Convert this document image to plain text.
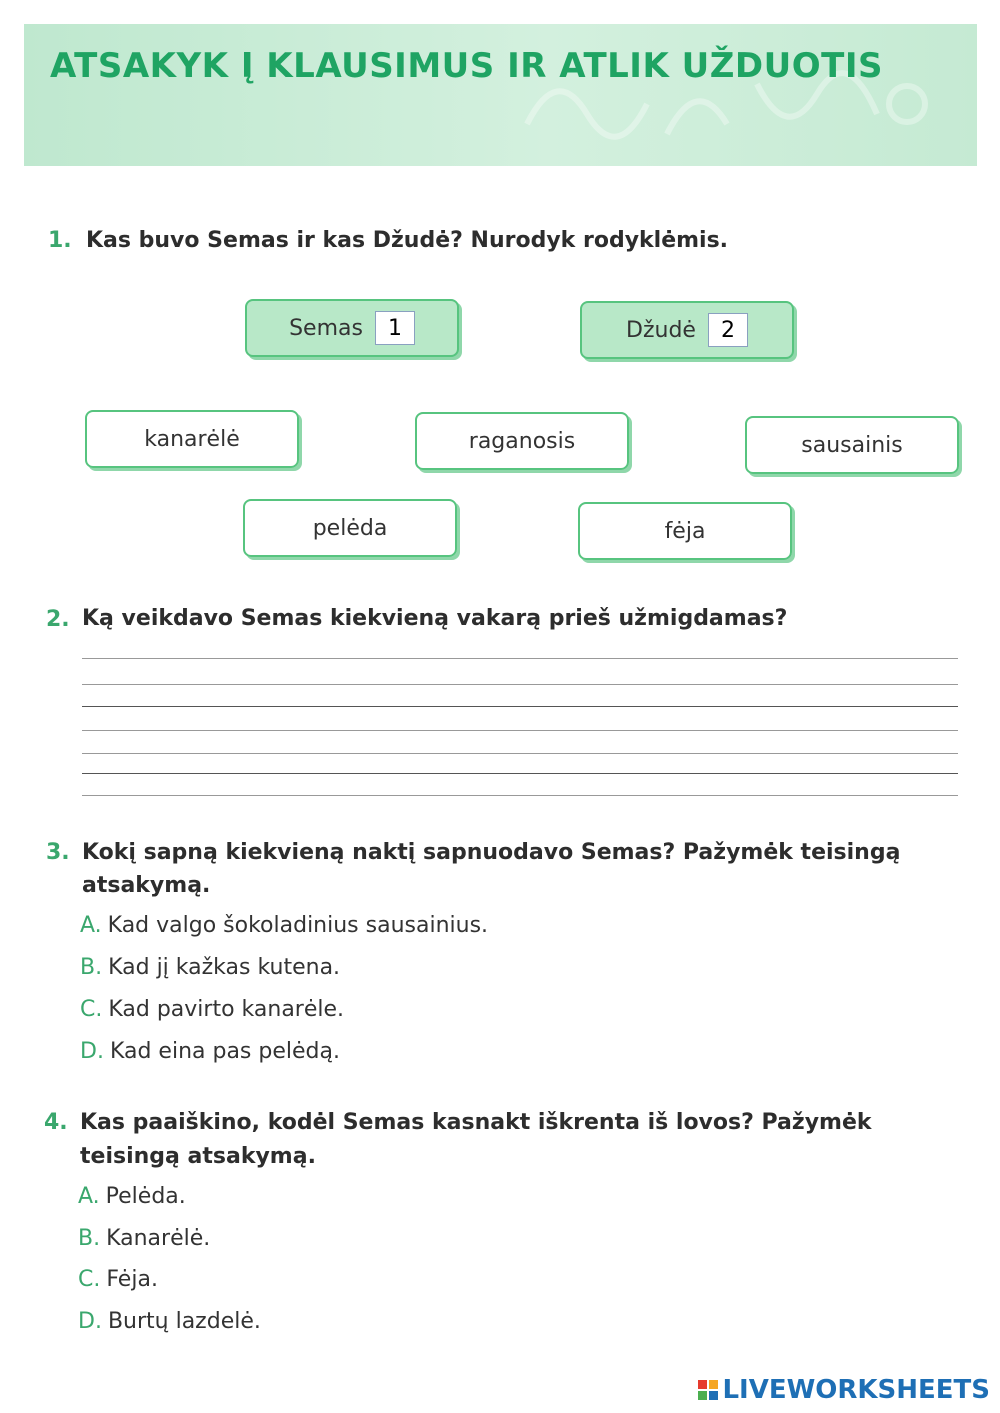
ATSAKYK Į KLAUSIMUS IR ATLIK UŽDUOTIS
1. Kas buvo Semas ir kas Džudė? Nurodyk rodyklėmis.

Semas
1	Džudė
2
kanarėlė	raganosis	sausainis
pelėda	fėja
2. Ką veikdavo Semas kiekvieną vakarą prieš užmigdamas?

3. Kokį sapną kiekvieną naktį sapnuodavo Semas? Pažymėk teisingą

atsakymą.

A. Kad valgo šokoladinius sausainius.
B. Kad jį kažkas kutena.
C. Kad pavirto kanarėle.
D. Kad eina pas pelėdą.
4. Kas paaiškino, kodėl Semas kasnakt iškrenta iš lovos? Pažymėk

teisingą atsakymą.

A. Pelėda.
B. Kanarėlė.
C. Fėja.
D. Burtų lazdelė.
LIVEWORKSHEETS
